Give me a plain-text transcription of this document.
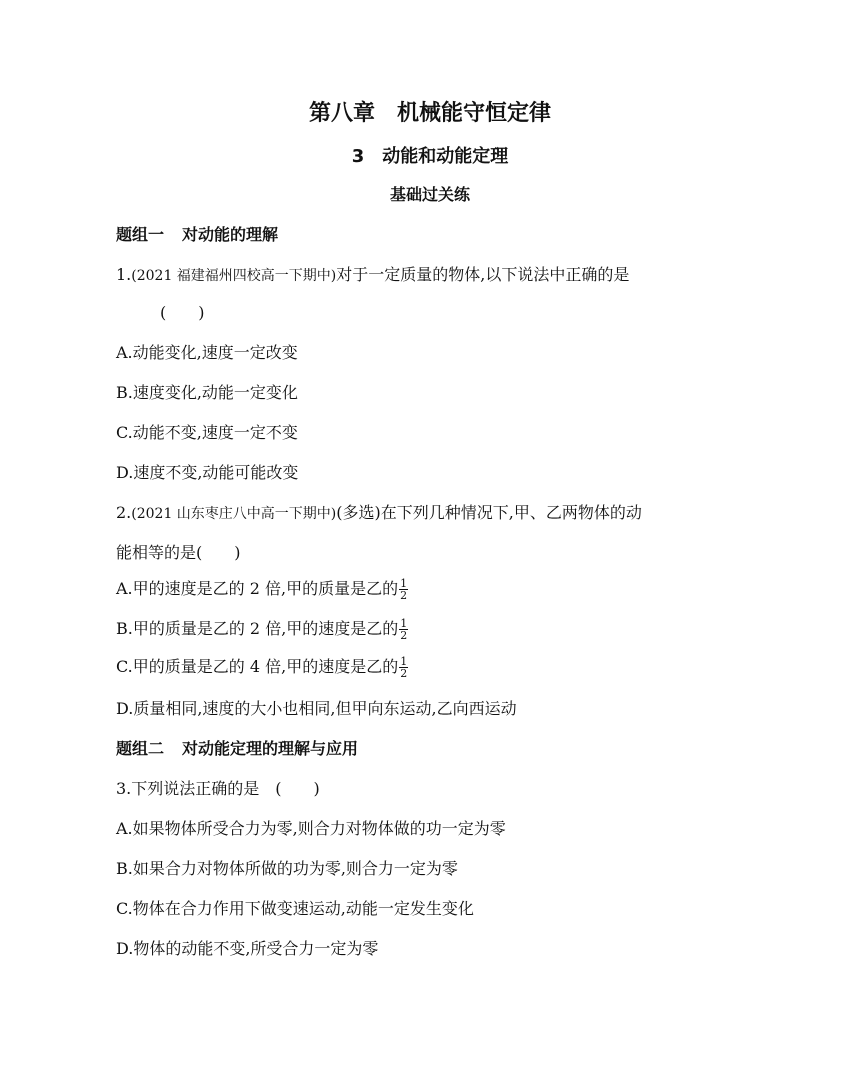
第八章　机械能守恒定律
3　动能和动能定理
基础过关练
题组一 对动能的理解
1.(2021 福建福州四校高一下期中)对于一定质量的物体,以下说法中正确的是
(　　)
A.动能变化,速度一定改变
B.速度变化,动能一定变化
C.动能不变,速度一定不变
D.速度不变,动能可能改变
2.(2021 山东枣庄八中高一下期中)(多选)在下列几种情况下,甲、乙两物体的动
能相等的是(　　)
A.甲的速度是乙的 2 倍,甲的质量是乙的 $\frac{1}{2}$
B.甲的质量是乙的 2 倍,甲的速度是乙的 $\frac{1}{2}$
C.甲的质量是乙的 4 倍,甲的速度是乙的 $\frac{1}{2}$
D.质量相同,速度的大小也相同,但甲向东运动,乙向西运动
题组二 对动能定理的理解与应用
3.下列说法正确的是　(　　)
A.如果物体所受合力为零,则合力对物体做的功一定为零
B.如果合力对物体所做的功为零,则合力一定为零
C.物体在合力作用下做变速运动,动能一定发生变化
D.物体的动能不变,所受合力一定为零
